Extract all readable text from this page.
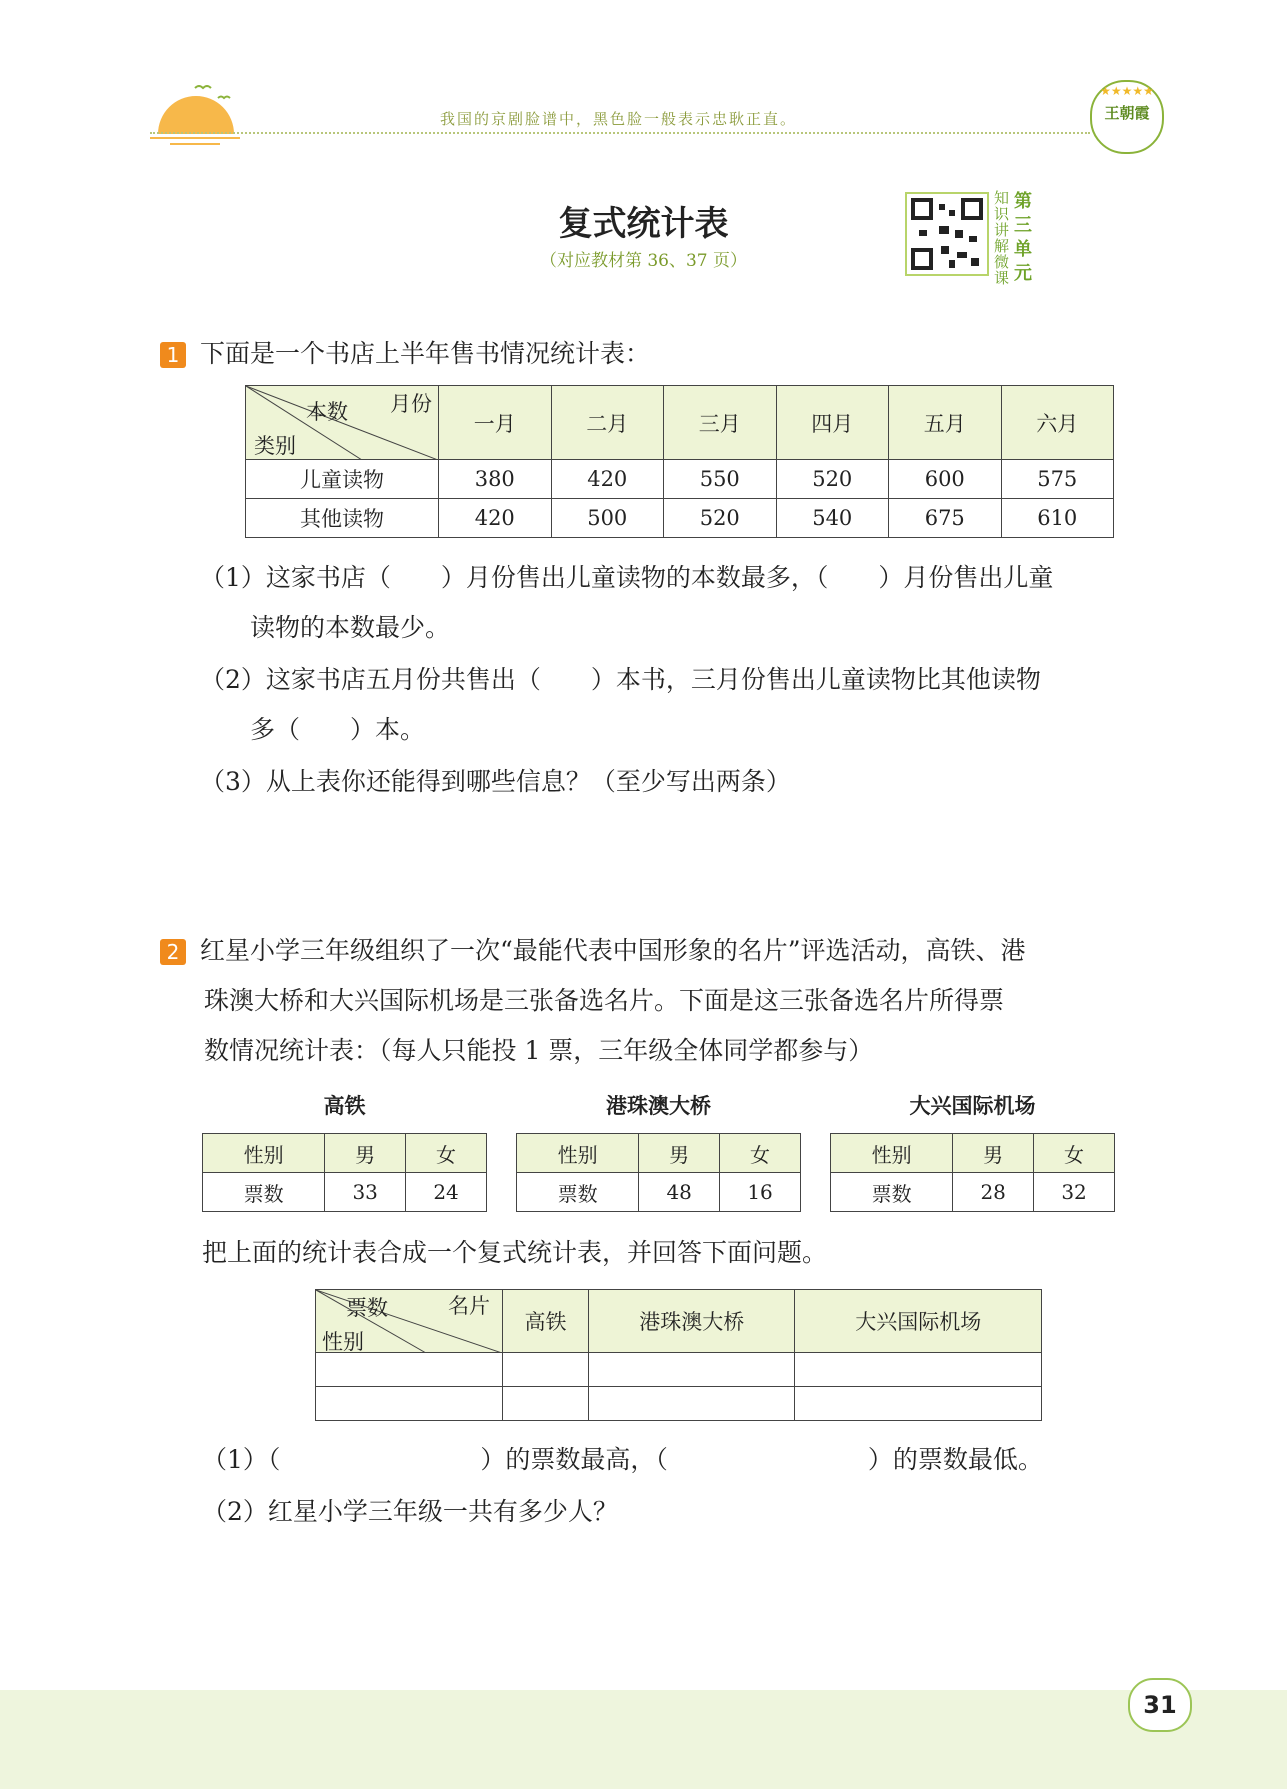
我国的京剧脸谱中，黑色脸一般表示忠耿正直。
★★★★★
王朝霞
复式统计表
（对应教材第 36、37 页）
知
识
讲
解
微
课
第
三
单
元
1 下面是一个书店上半年售书情况统计表：
月份
本数
类别	一月	二月	三月	四月	五月	六月
儿童读物	380	420	550	520	600	575
其他读物	420	500	520	540	675	610
（1）这家书店（　　）月份售出儿童读物的本数最多，（　　）月份售出儿童
读物的本数最少。
（2）这家书店五月份共售出（　　）本书，三月份售出儿童读物比其他读物
多（　　）本。
（3）从上表你还能得到哪些信息？（至少写出两条）
2 红星小学三年级组织了一次“最能代表中国形象的名片”评选活动，高铁、港
珠澳大桥和大兴国际机场是三张备选名片。下面是这三张备选名片所得票
数情况统计表：（每人只能投 1 票，三年级全体同学都参与）
高铁
性别	男	女
票数	33	24
港珠澳大桥
性别	男	女
票数	48	16
大兴国际机场
性别	男	女
票数	28	32
把上面的统计表合成一个复式统计表，并回答下面问题。
名片
票数
性别	高铁	港珠澳大桥	大兴国际机场

（1）（　　　　　　　　）的票数最高，（　　　　　　　　）的票数最低。
（2）红星小学三年级一共有多少人？
31
